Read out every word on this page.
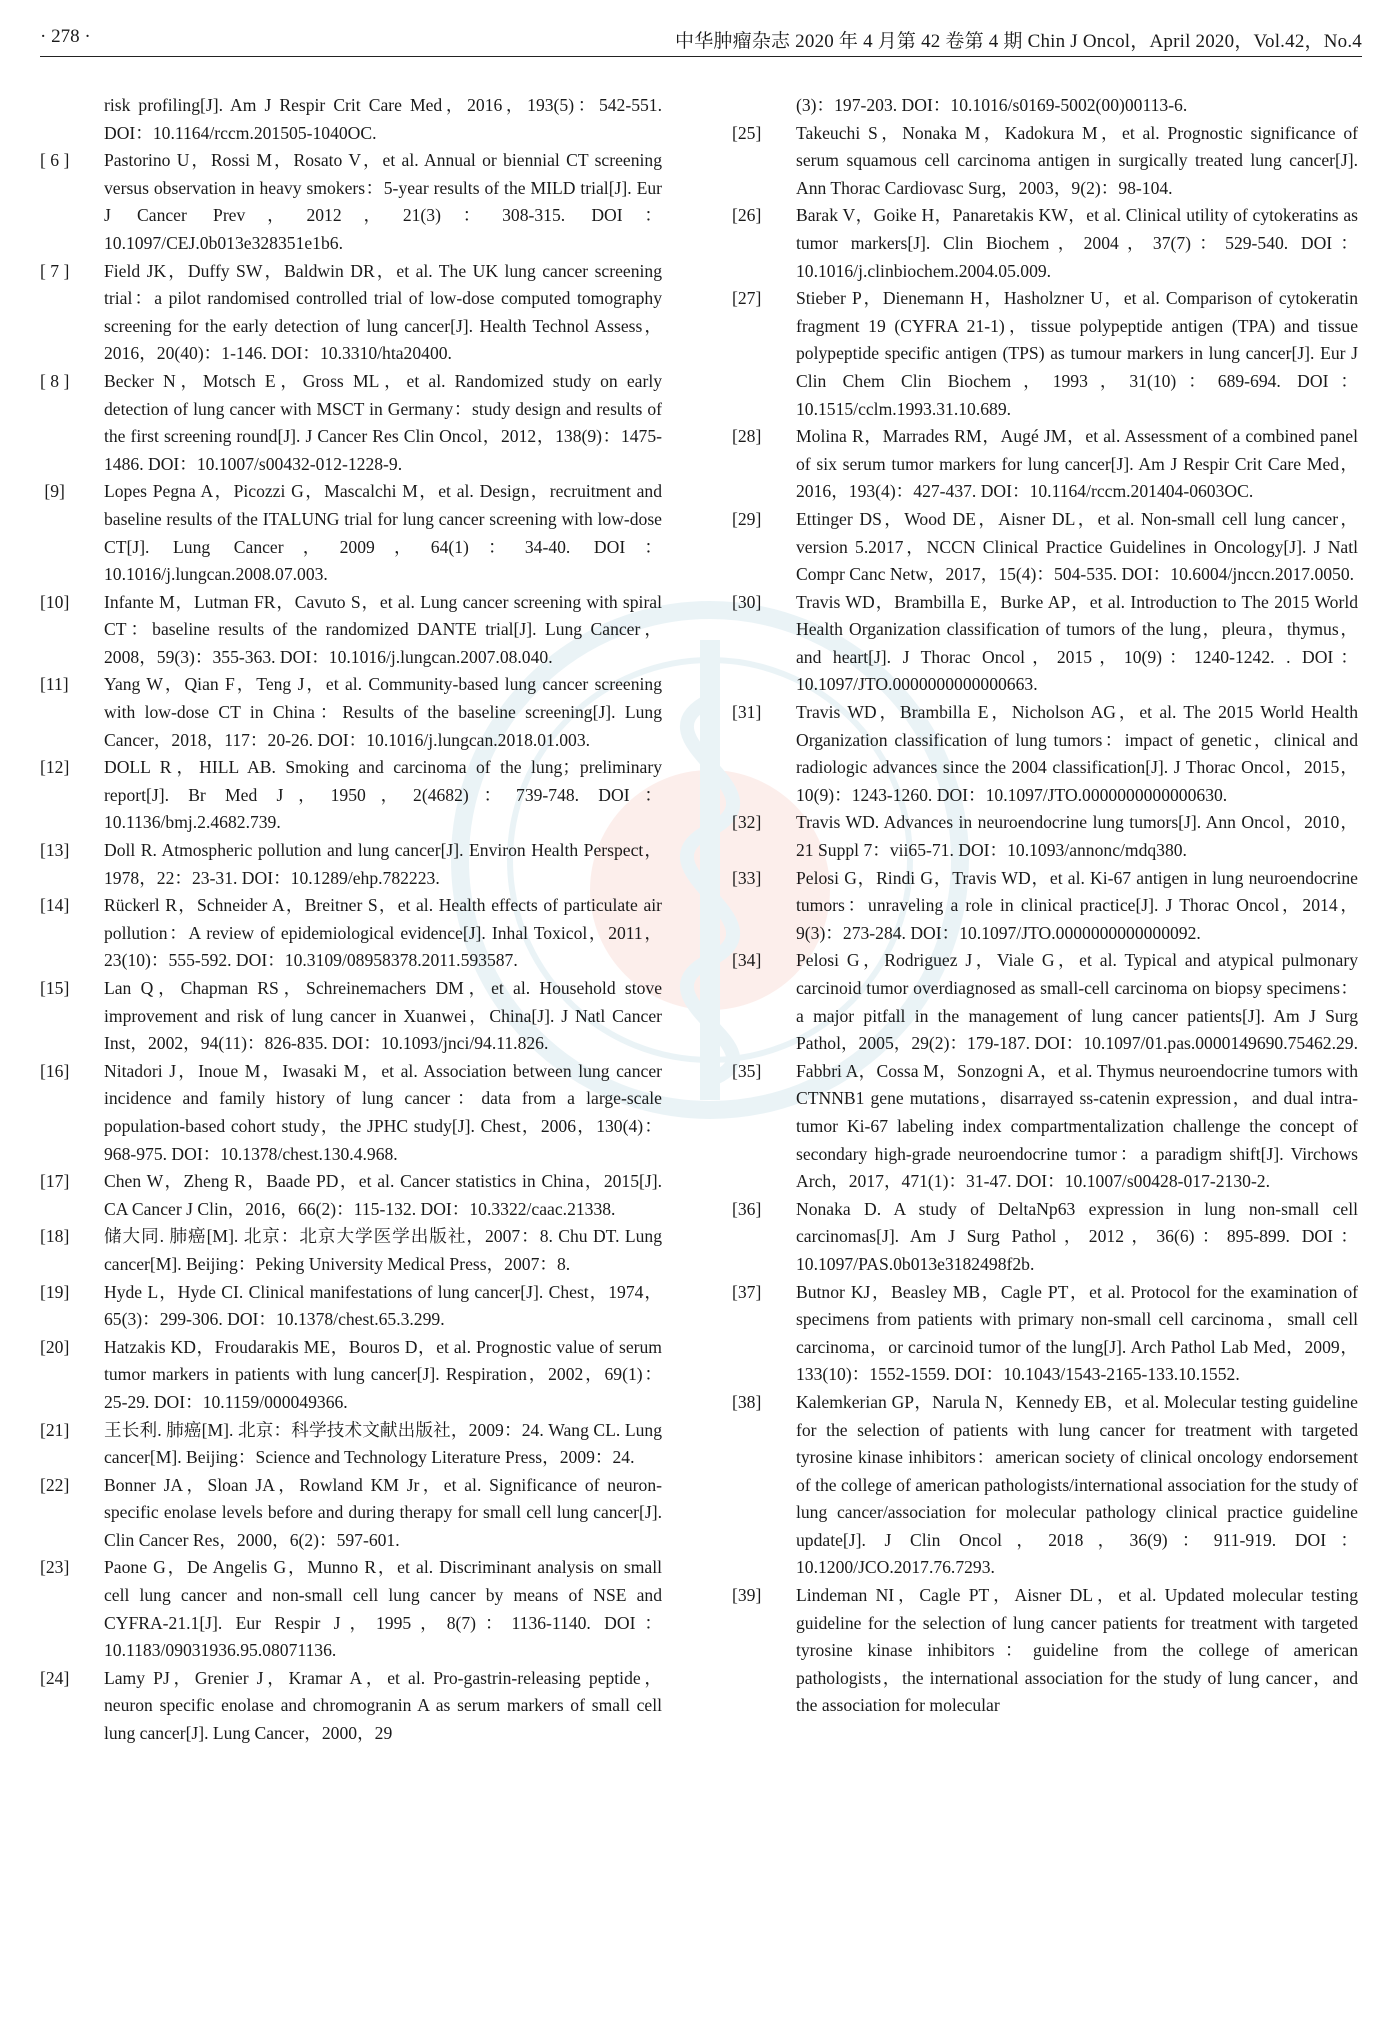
· 278 ·	中华肿瘤杂志 2020 年 4 月第 42 卷第 4 期 Chin J Oncol，April 2020，Vol.42，No.4
risk profiling[J]. Am J Respir Crit Care Med，2016，193(5)：542-551. DOI：10.1164/rccm.201505-1040OC.
[ 6 ]	Pastorino U，Rossi M，Rosato V，et al. Annual or biennial CT screening versus observation in heavy smokers：5-year results of the MILD trial[J]. Eur J Cancer Prev，2012，21(3)：308-315. DOI：10.1097/CEJ.0b013e328351e1b6.
[ 7 ]	Field JK，Duffy SW，Baldwin DR，et al. The UK lung cancer screening trial：a pilot randomised controlled trial of low-dose computed tomography screening for the early detection of lung cancer[J]. Health Technol Assess，2016，20(40)：1-146. DOI：10.3310/hta20400.
[ 8 ]	Becker N，Motsch E，Gross ML，et al. Randomized study on early detection of lung cancer with MSCT in Germany：study design and results of the first screening round[J]. J Cancer Res Clin Oncol，2012，138(9)：1475-1486. DOI：10.1007/s00432-012-1228-9.
[9]	Lopes Pegna A，Picozzi G，Mascalchi M，et al. Design，recruitment and baseline results of the ITALUNG trial for lung cancer screening with low-dose CT[J]. Lung Cancer，2009，64(1)：34-40. DOI：10.1016/j.lungcan.2008.07.003.
[10]	Infante M，Lutman FR，Cavuto S，et al. Lung cancer screening with spiral CT：baseline results of the randomized DANTE trial[J]. Lung Cancer，2008，59(3)：355-363. DOI：10.1016/j.lungcan.2007.08.040.
[11]	Yang W，Qian F，Teng J，et al. Community-based lung cancer screening with low-dose CT in China：Results of the baseline screening[J]. Lung Cancer，2018，117：20-26. DOI：10.1016/j.lungcan.2018.01.003.
[12]	DOLL R，HILL AB. Smoking and carcinoma of the lung；preliminary report[J]. Br Med J，1950，2(4682)：739-748. DOI：10.1136/bmj.2.4682.739.
[13]	Doll R. Atmospheric pollution and lung cancer[J]. Environ Health Perspect，1978，22：23-31. DOI：10.1289/ehp.782223.
[14]	Rückerl R，Schneider A，Breitner S，et al. Health effects of particulate air pollution：A review of epidemiological evidence[J]. Inhal Toxicol，2011，23(10)：555-592. DOI：10.3109/08958378.2011.593587.
[15]	Lan Q，Chapman RS，Schreinemachers DM，et al. Household stove improvement and risk of lung cancer in Xuanwei，China[J]. J Natl Cancer Inst，2002，94(11)：826-835. DOI：10.1093/jnci/94.11.826.
[16]	Nitadori J，Inoue M，Iwasaki M，et al. Association between lung cancer incidence and family history of lung cancer：data from a large-scale population-based cohort study，the JPHC study[J]. Chest，2006，130(4)：968-975. DOI：10.1378/chest.130.4.968.
[17]	Chen W，Zheng R，Baade PD，et al. Cancer statistics in China，2015[J]. CA Cancer J Clin，2016，66(2)：115-132. DOI：10.3322/caac.21338.
[18]	储大同. 肺癌[M]. 北京：北京大学医学出版社，2007：8. Chu DT. Lung cancer[M]. Beijing：Peking University Medical Press，2007：8.
[19]	Hyde L，Hyde CI. Clinical manifestations of lung cancer[J]. Chest，1974，65(3)：299-306. DOI：10.1378/chest.65.3.299.
[20]	Hatzakis KD，Froudarakis ME，Bouros D，et al. Prognostic value of serum tumor markers in patients with lung cancer[J]. Respiration，2002，69(1)：25-29. DOI：10.1159/000049366.
[21]	王长利. 肺癌[M]. 北京：科学技术文献出版社，2009：24. Wang CL. Lung cancer[M]. Beijing：Science and Technology Literature Press，2009：24.
[22]	Bonner JA，Sloan JA，Rowland KM Jr，et al. Significance of neuron-specific enolase levels before and during therapy for small cell lung cancer[J]. Clin Cancer Res，2000，6(2)：597-601.
[23]	Paone G，De Angelis G，Munno R，et al. Discriminant analysis on small cell lung cancer and non-small cell lung cancer by means of NSE and CYFRA-21.1[J]. Eur Respir J，1995，8(7)：1136-1140. DOI：10.1183/09031936.95.08071136.
[24]	Lamy PJ，Grenier J，Kramar A，et al. Pro-gastrin-releasing peptide，neuron specific enolase and chromogranin A as serum markers of small cell lung cancer[J]. Lung Cancer，2000，29
(3)：197-203. DOI：10.1016/s0169-5002(00)00113-6.
[25]	Takeuchi S，Nonaka M，Kadokura M，et al. Prognostic significance of serum squamous cell carcinoma antigen in surgically treated lung cancer[J]. Ann Thorac Cardiovasc Surg，2003，9(2)：98-104.
[26]	Barak V，Goike H，Panaretakis KW，et al. Clinical utility of cytokeratins as tumor markers[J]. Clin Biochem，2004，37(7)：529-540. DOI：10.1016/j.clinbiochem.2004.05.009.
[27]	Stieber P，Dienemann H，Hasholzner U，et al. Comparison of cytokeratin fragment 19 (CYFRA 21-1)，tissue polypeptide antigen (TPA) and tissue polypeptide specific antigen (TPS) as tumour markers in lung cancer[J]. Eur J Clin Chem Clin Biochem，1993，31(10)：689-694. DOI：10.1515/cclm.1993.31.10.689.
[28]	Molina R，Marrades RM，Augé JM，et al. Assessment of a combined panel of six serum tumor markers for lung cancer[J]. Am J Respir Crit Care Med，2016，193(4)：427-437. DOI：10.1164/rccm.201404-0603OC.
[29]	Ettinger DS，Wood DE，Aisner DL，et al. Non-small cell lung cancer，version 5.2017，NCCN Clinical Practice Guidelines in Oncology[J]. J Natl Compr Canc Netw，2017，15(4)：504-535. DOI：10.6004/jnccn.2017.0050.
[30]	Travis WD，Brambilla E，Burke AP，et al. Introduction to The 2015 World Health Organization classification of tumors of the lung，pleura，thymus，and heart[J]. J Thorac Oncol，2015，10(9)：1240-1242. . DOI：10.1097/JTO.0000000000000663.
[31]	Travis WD，Brambilla E，Nicholson AG，et al. The 2015 World Health Organization classification of lung tumors：impact of genetic，clinical and radiologic advances since the 2004 classification[J]. J Thorac Oncol，2015，10(9)：1243-1260. DOI：10.1097/JTO.0000000000000630.
[32]	Travis WD. Advances in neuroendocrine lung tumors[J]. Ann Oncol，2010，21 Suppl 7：vii65-71. DOI：10.1093/annonc/mdq380.
[33]	Pelosi G，Rindi G，Travis WD，et al. Ki-67 antigen in lung neuroendocrine tumors：unraveling a role in clinical practice[J]. J Thorac Oncol，2014，9(3)：273-284. DOI：10.1097/JTO.0000000000000092.
[34]	Pelosi G，Rodriguez J，Viale G，et al. Typical and atypical pulmonary carcinoid tumor overdiagnosed as small-cell carcinoma on biopsy specimens：a major pitfall in the management of lung cancer patients[J]. Am J Surg Pathol，2005，29(2)：179-187. DOI：10.1097/01.pas.0000149690.75462.29.
[35]	Fabbri A，Cossa M，Sonzogni A，et al. Thymus neuroendocrine tumors with CTNNB1 gene mutations，disarrayed ss-catenin expression，and dual intra-tumor Ki-67 labeling index compartmentalization challenge the concept of secondary high-grade neuroendocrine tumor：a paradigm shift[J]. Virchows Arch，2017，471(1)：31-47. DOI：10.1007/s00428-017-2130-2.
[36]	Nonaka D. A study of DeltaNp63 expression in lung non-small cell carcinomas[J]. Am J Surg Pathol，2012，36(6)：895-899. DOI：10.1097/PAS.0b013e3182498f2b.
[37]	Butnor KJ，Beasley MB，Cagle PT，et al. Protocol for the examination of specimens from patients with primary non-small cell carcinoma，small cell carcinoma，or carcinoid tumor of the lung[J]. Arch Pathol Lab Med，2009，133(10)：1552-1559. DOI：10.1043/1543-2165-133.10.1552.
[38]	Kalemkerian GP，Narula N，Kennedy EB，et al. Molecular testing guideline for the selection of patients with lung cancer for treatment with targeted tyrosine kinase inhibitors：american society of clinical oncology endorsement of the college of american pathologists/international association for the study of lung cancer/association for molecular pathology clinical practice guideline update[J]. J Clin Oncol，2018，36(9)：911-919. DOI：10.1200/JCO.2017.76.7293.
[39]	Lindeman NI，Cagle PT，Aisner DL，et al. Updated molecular testing guideline for the selection of lung cancer patients for treatment with targeted tyrosine kinase inhibitors：guideline from the college of american pathologists，the international association for the study of lung cancer，and the association for molecular
